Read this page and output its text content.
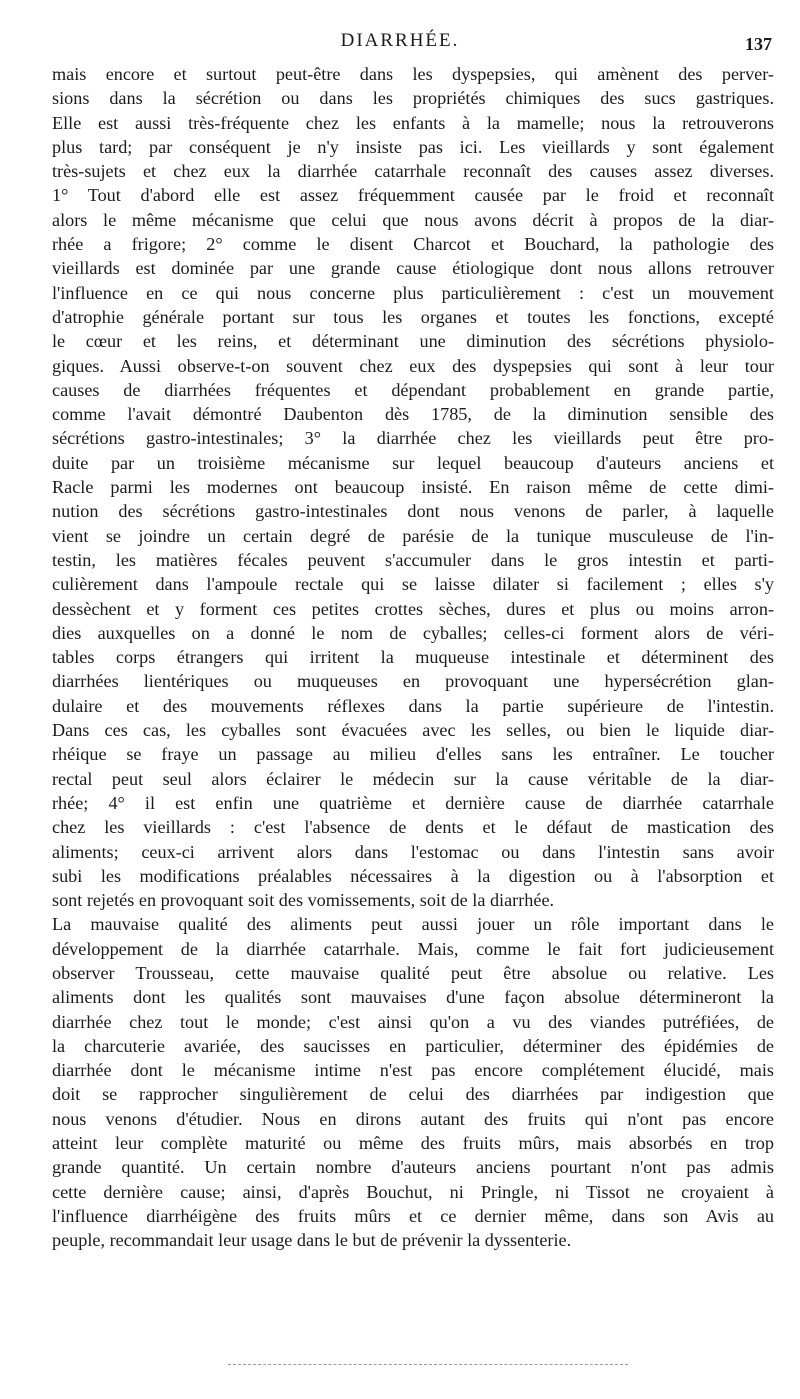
DIARRHÉE.	137
mais encore et surtout peut-être dans les dyspepsies, qui amènent des perver-
sions dans la sécrétion ou dans les propriétés chimiques des sucs gastriques.
Elle est aussi très-fréquente chez les enfants à la mamelle; nous la retrouverons
plus tard; par conséquent je n'y insiste pas ici. Les vieillards y sont également
très-sujets et chez eux la diarrhée catarrhale reconnaît des causes assez diverses.
1° Tout d'abord elle est assez fréquemment causée par le froid et reconnaît
alors le même mécanisme que celui que nous avons décrit à propos de la diar-
rhée a frigore; 2° comme le disent Charcot et Bouchard, la pathologie des
vieillards est dominée par une grande cause étiologique dont nous allons retrouver
l'influence en ce qui nous concerne plus particulièrement : c'est un mouvement
d'atrophie générale portant sur tous les organes et toutes les fonctions, excepté
le cœur et les reins, et déterminant une diminution des sécrétions physiolo-
giques. Aussi observe-t-on souvent chez eux des dyspepsies qui sont à leur tour
causes de diarrhées fréquentes et dépendant probablement en grande partie,
comme l'avait démontré Daubenton dès 1785, de la diminution sensible des
sécrétions gastro-intestinales; 3° la diarrhée chez les vieillards peut être pro-
duite par un troisième mécanisme sur lequel beaucoup d'auteurs anciens et
Racle parmi les modernes ont beaucoup insisté. En raison même de cette dimi-
nution des sécrétions gastro-intestinales dont nous venons de parler, à laquelle
vient se joindre un certain degré de parésie de la tunique musculeuse de l'in-
testin, les matières fécales peuvent s'accumuler dans le gros intestin et parti-
culièrement dans l'ampoule rectale qui se laisse dilater si facilement ; elles s'y
dessèchent et y forment ces petites crottes sèches, dures et plus ou moins arron-
dies auxquelles on a donné le nom de cyballes; celles-ci forment alors de véri-
tables corps étrangers qui irritent la muqueuse intestinale et déterminent des
diarrhées lientériques ou muqueuses en provoquant une hypersécrétion glan-
dulaire et des mouvements réflexes dans la partie supérieure de l'intestin.
Dans ces cas, les cyballes sont évacuées avec les selles, ou bien le liquide diar-
rhéique se fraye un passage au milieu d'elles sans les entraîner. Le toucher
rectal peut seul alors éclairer le médecin sur la cause véritable de la diar-
rhée; 4° il est enfin une quatrième et dernière cause de diarrhée catarrhale
chez les vieillards : c'est l'absence de dents et le défaut de mastication des
aliments; ceux-ci arrivent alors dans l'estomac ou dans l'intestin sans avoir
subi les modifications préalables nécessaires à la digestion ou à l'absorption et
sont rejetés en provoquant soit des vomissements, soit de la diarrhée.
La mauvaise qualité des aliments peut aussi jouer un rôle important dans le
développement de la diarrhée catarrhale. Mais, comme le fait fort judicieusement
observer Trousseau, cette mauvaise qualité peut être absolue ou relative. Les
aliments dont les qualités sont mauvaises d'une façon absolue détermineront la
diarrhée chez tout le monde; c'est ainsi qu'on a vu des viandes putréfiées, de
la charcuterie avariée, des saucisses en particulier, déterminer des épidémies de
diarrhée dont le mécanisme intime n'est pas encore complétement élucidé, mais
doit se rapprocher singulièrement de celui des diarrhées par indigestion que
nous venons d'étudier. Nous en dirons autant des fruits qui n'ont pas encore
atteint leur complète maturité ou même des fruits mûrs, mais absorbés en trop
grande quantité. Un certain nombre d'auteurs anciens pourtant n'ont pas admis
cette dernière cause; ainsi, d'après Bouchut, ni Pringle, ni Tissot ne croyaient à
l'influence diarrhéigène des fruits mûrs et ce dernier même, dans son Avis au
peuple, recommandait leur usage dans le but de prévenir la dyssenterie.
